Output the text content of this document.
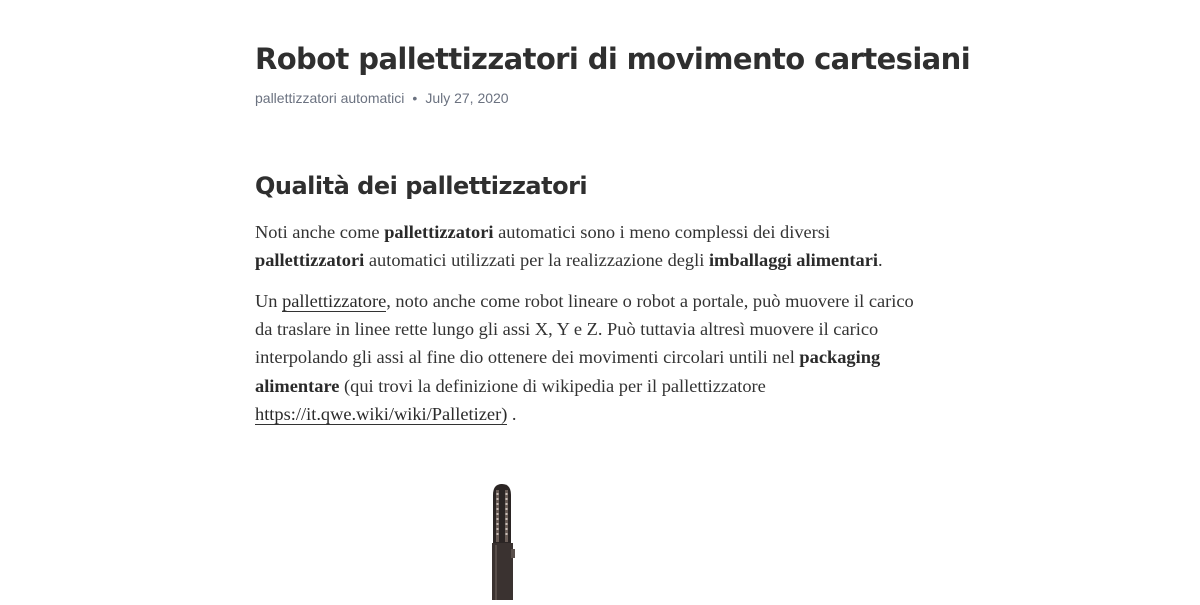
Robot pallettizzatori di movimento cartesiani
pallettizzatori automatici • July 27, 2020
Qualità dei pallettizzatori

Noti anche come pallettizzatori automatici sono i meno complessi dei diversi
pallettizzatori automatici utilizzati per la realizzazione degli imballaggi alimentari.

Un pallettizzatore, noto anche come robot lineare o robot a portale, può muovere il carico da traslare in linee rette lungo gli assi X, Y e Z. Può tuttavia altresì muovere il carico interpolando gli assi al fine dio ottenere dei movimenti circolari untili nel packaging alimentare (qui trovi la definizione di wikipedia per il pallettizzatore https://it.qwe.wiki/wiki/Palletizer) .
